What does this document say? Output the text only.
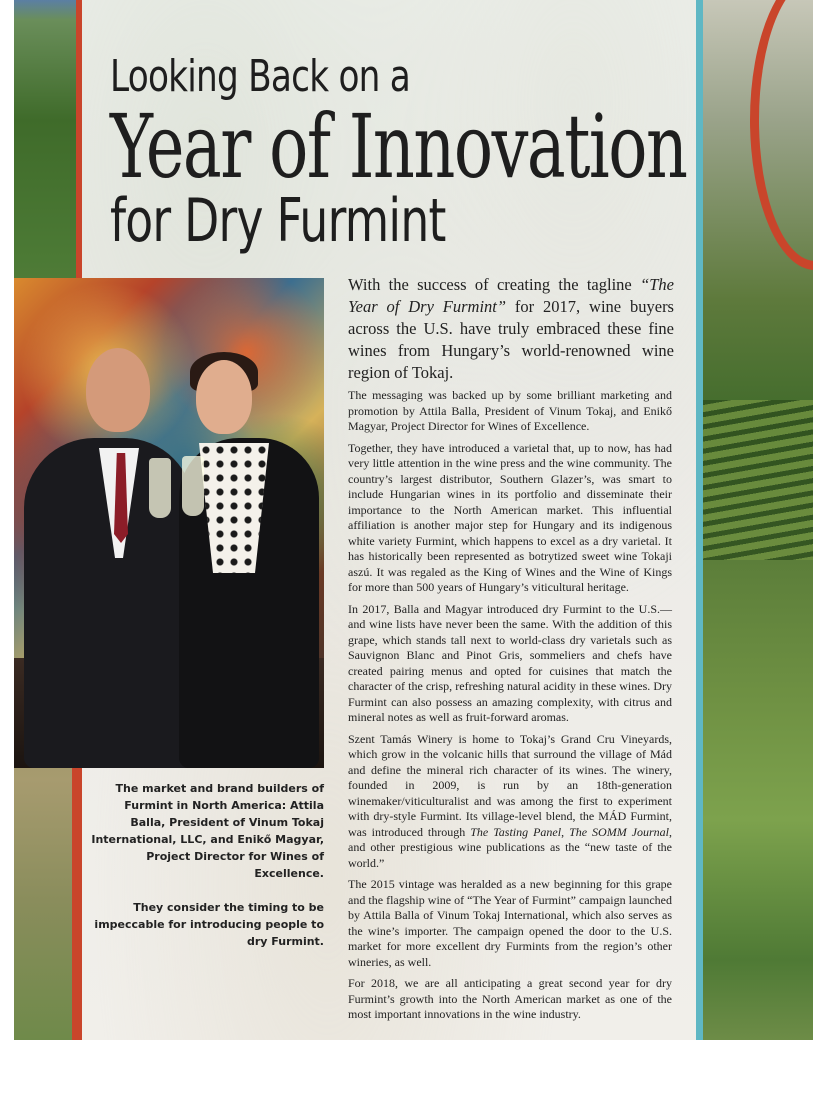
Looking Back on a
Year of Innovation
for Dry Furmint

The market and brand builders of Furmint in North America: Attila Balla, President of Vinum Tokaj International, LLC, and Enikő Magyar, Project Director for Wines of Excellence.

They consider the timing to be impeccable for introducing people to dry Furmint.

With the success of creating the tagline “The Year of Dry Furmint” for 2017, wine buyers across the U.S. have truly embraced these fine wines from Hungary’s world-renowned wine region of Tokaj.

The messaging was backed up by some brilliant marketing and promotion by Attila Balla, President of Vinum Tokaj, and Enikő Magyar, Project Director for Wines of Excellence.

Together, they have introduced a varietal that, up to now, has had very little attention in the wine press and the wine community. The country’s largest distributor, Southern Glazer’s, was smart to include Hungarian wines in its portfolio and disseminate their importance to the North American market. This influential affiliation is another major step for Hungary and its indigenous white variety Furmint, which happens to excel as a dry varietal. It has historically been represented as botrytized sweet wine Tokaji aszú. It was regaled as the King of Wines and the Wine of Kings for more than 500 years of Hungary’s viticultural heritage.

In 2017, Balla and Magyar introduced dry Furmint to the U.S.—and wine lists have never been the same. With the addition of this grape, which stands tall next to world-class dry varietals such as Sauvignon Blanc and Pinot Gris, sommeliers and chefs have created pairing menus and opted for cuisines that match the character of the crisp, refreshing natural acidity in these wines. Dry Furmint can also possess an amazing complexity, with citrus and mineral notes as well as fruit-forward aromas.

Szent Tamás Winery is home to Tokaj’s Grand Cru Vineyards, which grow in the volcanic hills that surround the village of Mád and define the mineral rich character of its wines. The winery, founded in 2009, is run by an 18th-generation winemaker/viticulturalist and was among the first to experiment with dry-style Furmint. Its village-level blend, the MÁD Furmint, was introduced through The Tasting Panel, The SOMM Journal, and other prestigious wine publications as the “new taste of the world.”

The 2015 vintage was heralded as a new beginning for this grape and the flagship wine of “The Year of Furmint” campaign launched by Attila Balla of Vinum Tokaj International, which also serves as the wine’s importer. The campaign opened the door to the U.S. market for more excellent dry Furmints from the region’s other wineries, as well.

For 2018, we are all anticipating a great second year for dry Furmint’s growth into the North American market as one of the most important innovations in the wine industry.
